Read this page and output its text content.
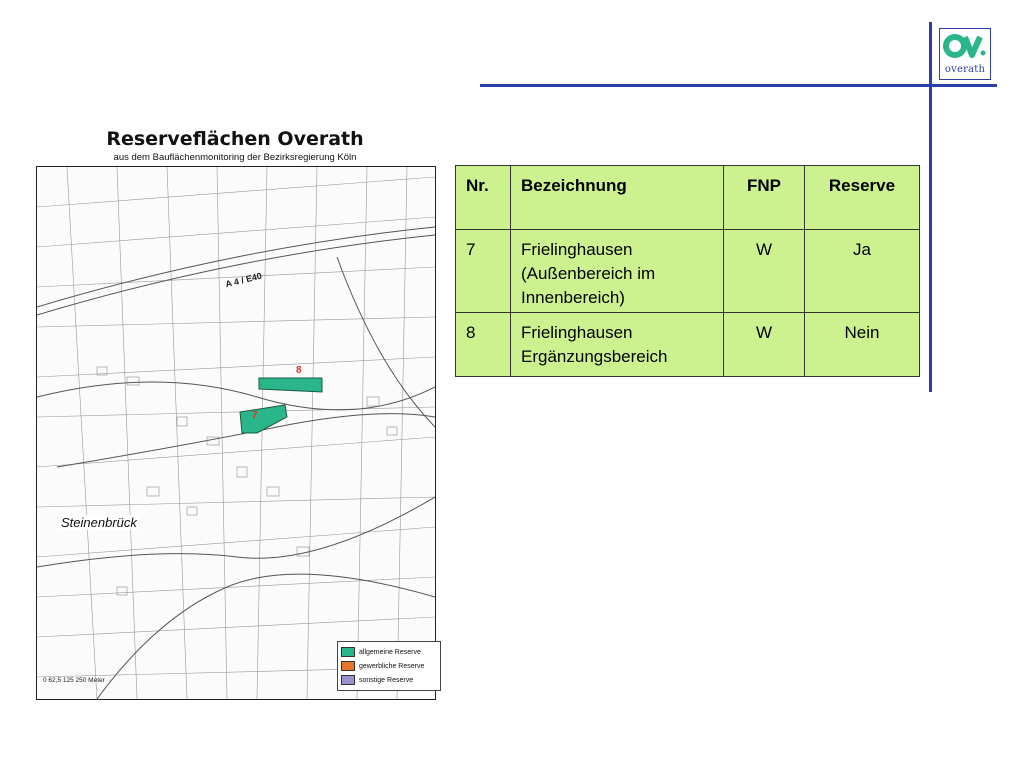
overath
Reserveflächen Overath
aus dem Bauflächenmonitoring der Bezirksregierung Köln
A 4 / E40
8
7
Steinenbrück
allgemeine Reserve
gewerbliche Reserve
sonstige Reserve
0 62,5 125 250 Meter
Nr.	Bezeichnung	FNP	Reserve
7	Frielinghausen (Außenbereich im Innenbereich)	W	Ja
8	Frielinghausen Ergänzungsbereich	W	Nein
